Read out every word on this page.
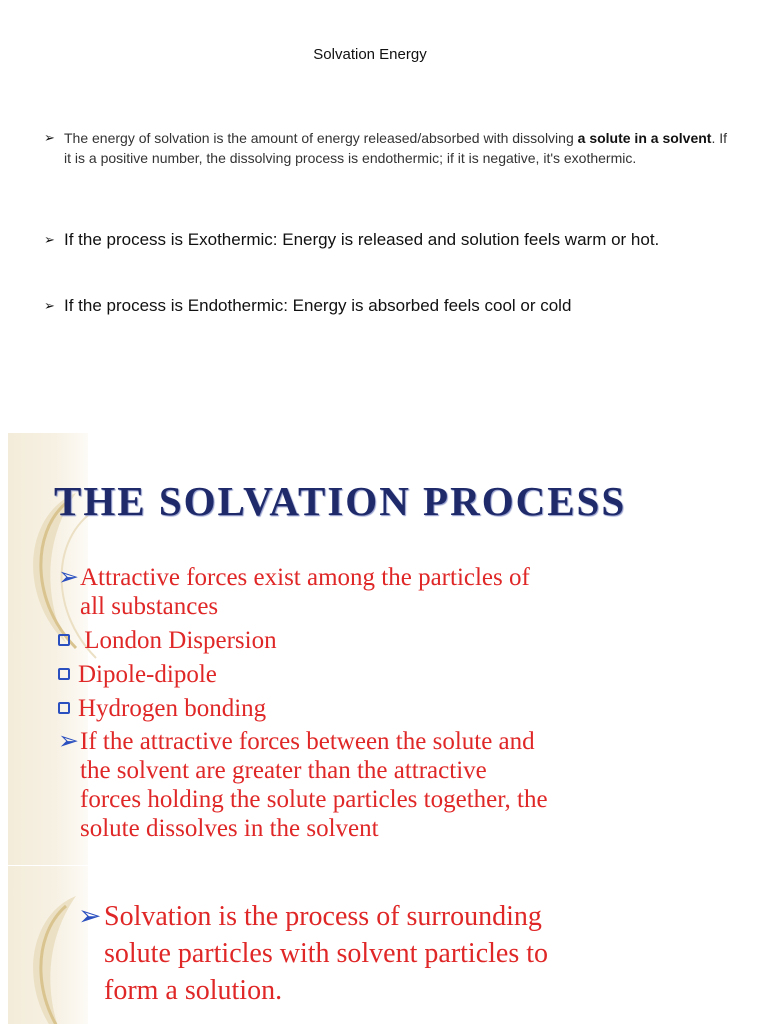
Solvation Energy
➢ The energy of solvation is the amount of energy released/absorbed with dissolving a solute in a solvent. If it is a positive number, the dissolving process is endothermic; if it is negative, it's exothermic.
➢ If the process is Exothermic: Energy is released and solution feels warm or hot.
➢ If the process is Endothermic: Energy is absorbed feels cool or cold
THE SOLVATION PROCESS
➢Attractive forces exist among the particles of
all substances
London Dispersion
Dipole-dipole
Hydrogen bonding
➢If the attractive forces between the solute and
the solvent are greater than the attractive
forces holding the solute particles together, the
solute dissolves in the solvent
➢Solvation is the process of surrounding
solute particles with solvent particles to
form a solution.
